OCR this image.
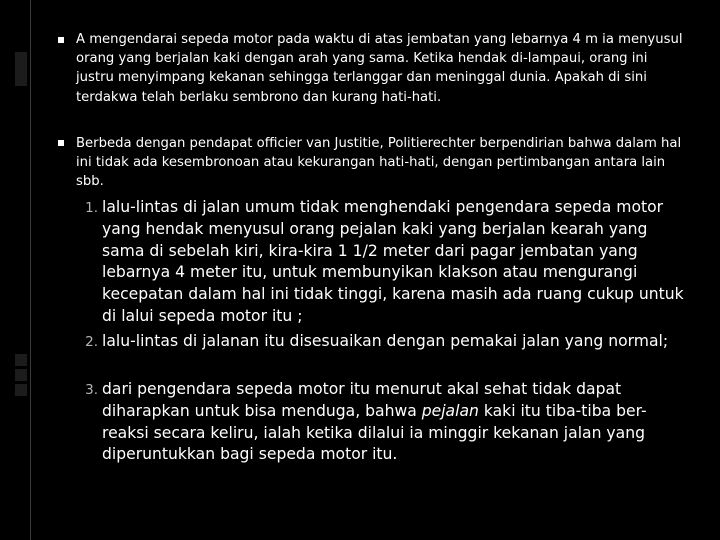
A mengendarai sepeda motor pada waktu di atas jembatan yang lebarnya 4 m ia menyusul orang yang berjalan kaki dengan arah yang sama. Ketika hendak di-lampaui, orang ini justru menyimpang kekanan sehingga terlanggar dan meninggal dunia. Apakah di sini terdakwa telah berlaku sembrono dan kurang hati-hati.
Berbeda dengan pendapat officier van Justitie, Politierechter berpendirian bahwa dalam hal ini tidak ada kesembronoan atau kekurangan hati-hati, dengan pertimbangan antara lain sbb.
1. lalu-lintas di jalan umum tidak menghendaki pengendara sepeda motor yang hendak menyusul orang pejalan kaki yang berjalan kearah yang sama di sebelah kiri, kira-kira 1 1/2 meter dari pagar jembatan yang lebarnya 4 meter itu, untuk membunyikan klakson atau mengurangi kecepatan dalam hal ini tidak tinggi, karena masih ada ruang cukup untuk di lalui sepeda motor itu ;
2. lalu-lintas di jalanan itu disesuaikan dengan pemakai jalan yang normal;
3. dari pengendara sepeda motor itu menurut akal sehat tidak dapat diharapkan untuk bisa menduga, bahwa pejalan kaki itu tiba-tiba ber-reaksi secara keliru, ialah ketika dilalui ia minggir kekanan jalan yang diperuntukkan bagi sepeda motor itu.
